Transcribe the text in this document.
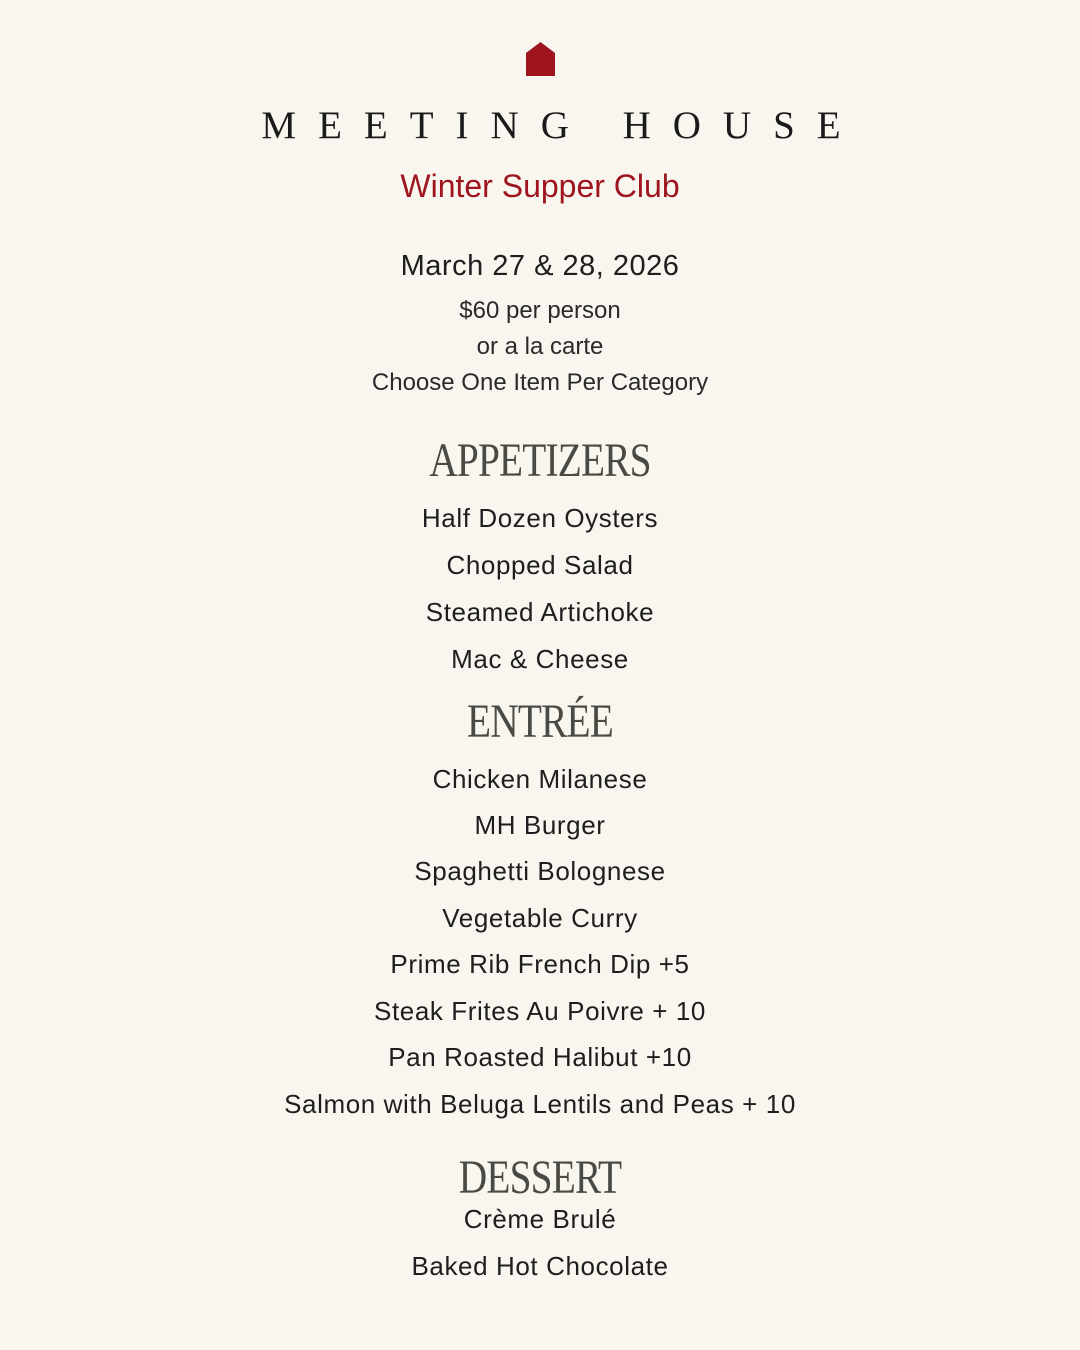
MEETING HOUSE
Winter Supper Club
March 27 & 28, 2026
$60 per person
or a la carte
Choose One Item Per Category
APPETIZERS
Half Dozen Oysters
Chopped Salad
Steamed Artichoke
Mac & Cheese
ENTRÉE
Chicken Milanese
MH Burger
Spaghetti Bolognese
Vegetable Curry
Prime Rib French Dip +5
Steak Frites Au Poivre + 10
Pan Roasted Halibut +10
Salmon with Beluga Lentils and Peas + 10
DESSERT
Crème Brulé
Baked Hot Chocolate
